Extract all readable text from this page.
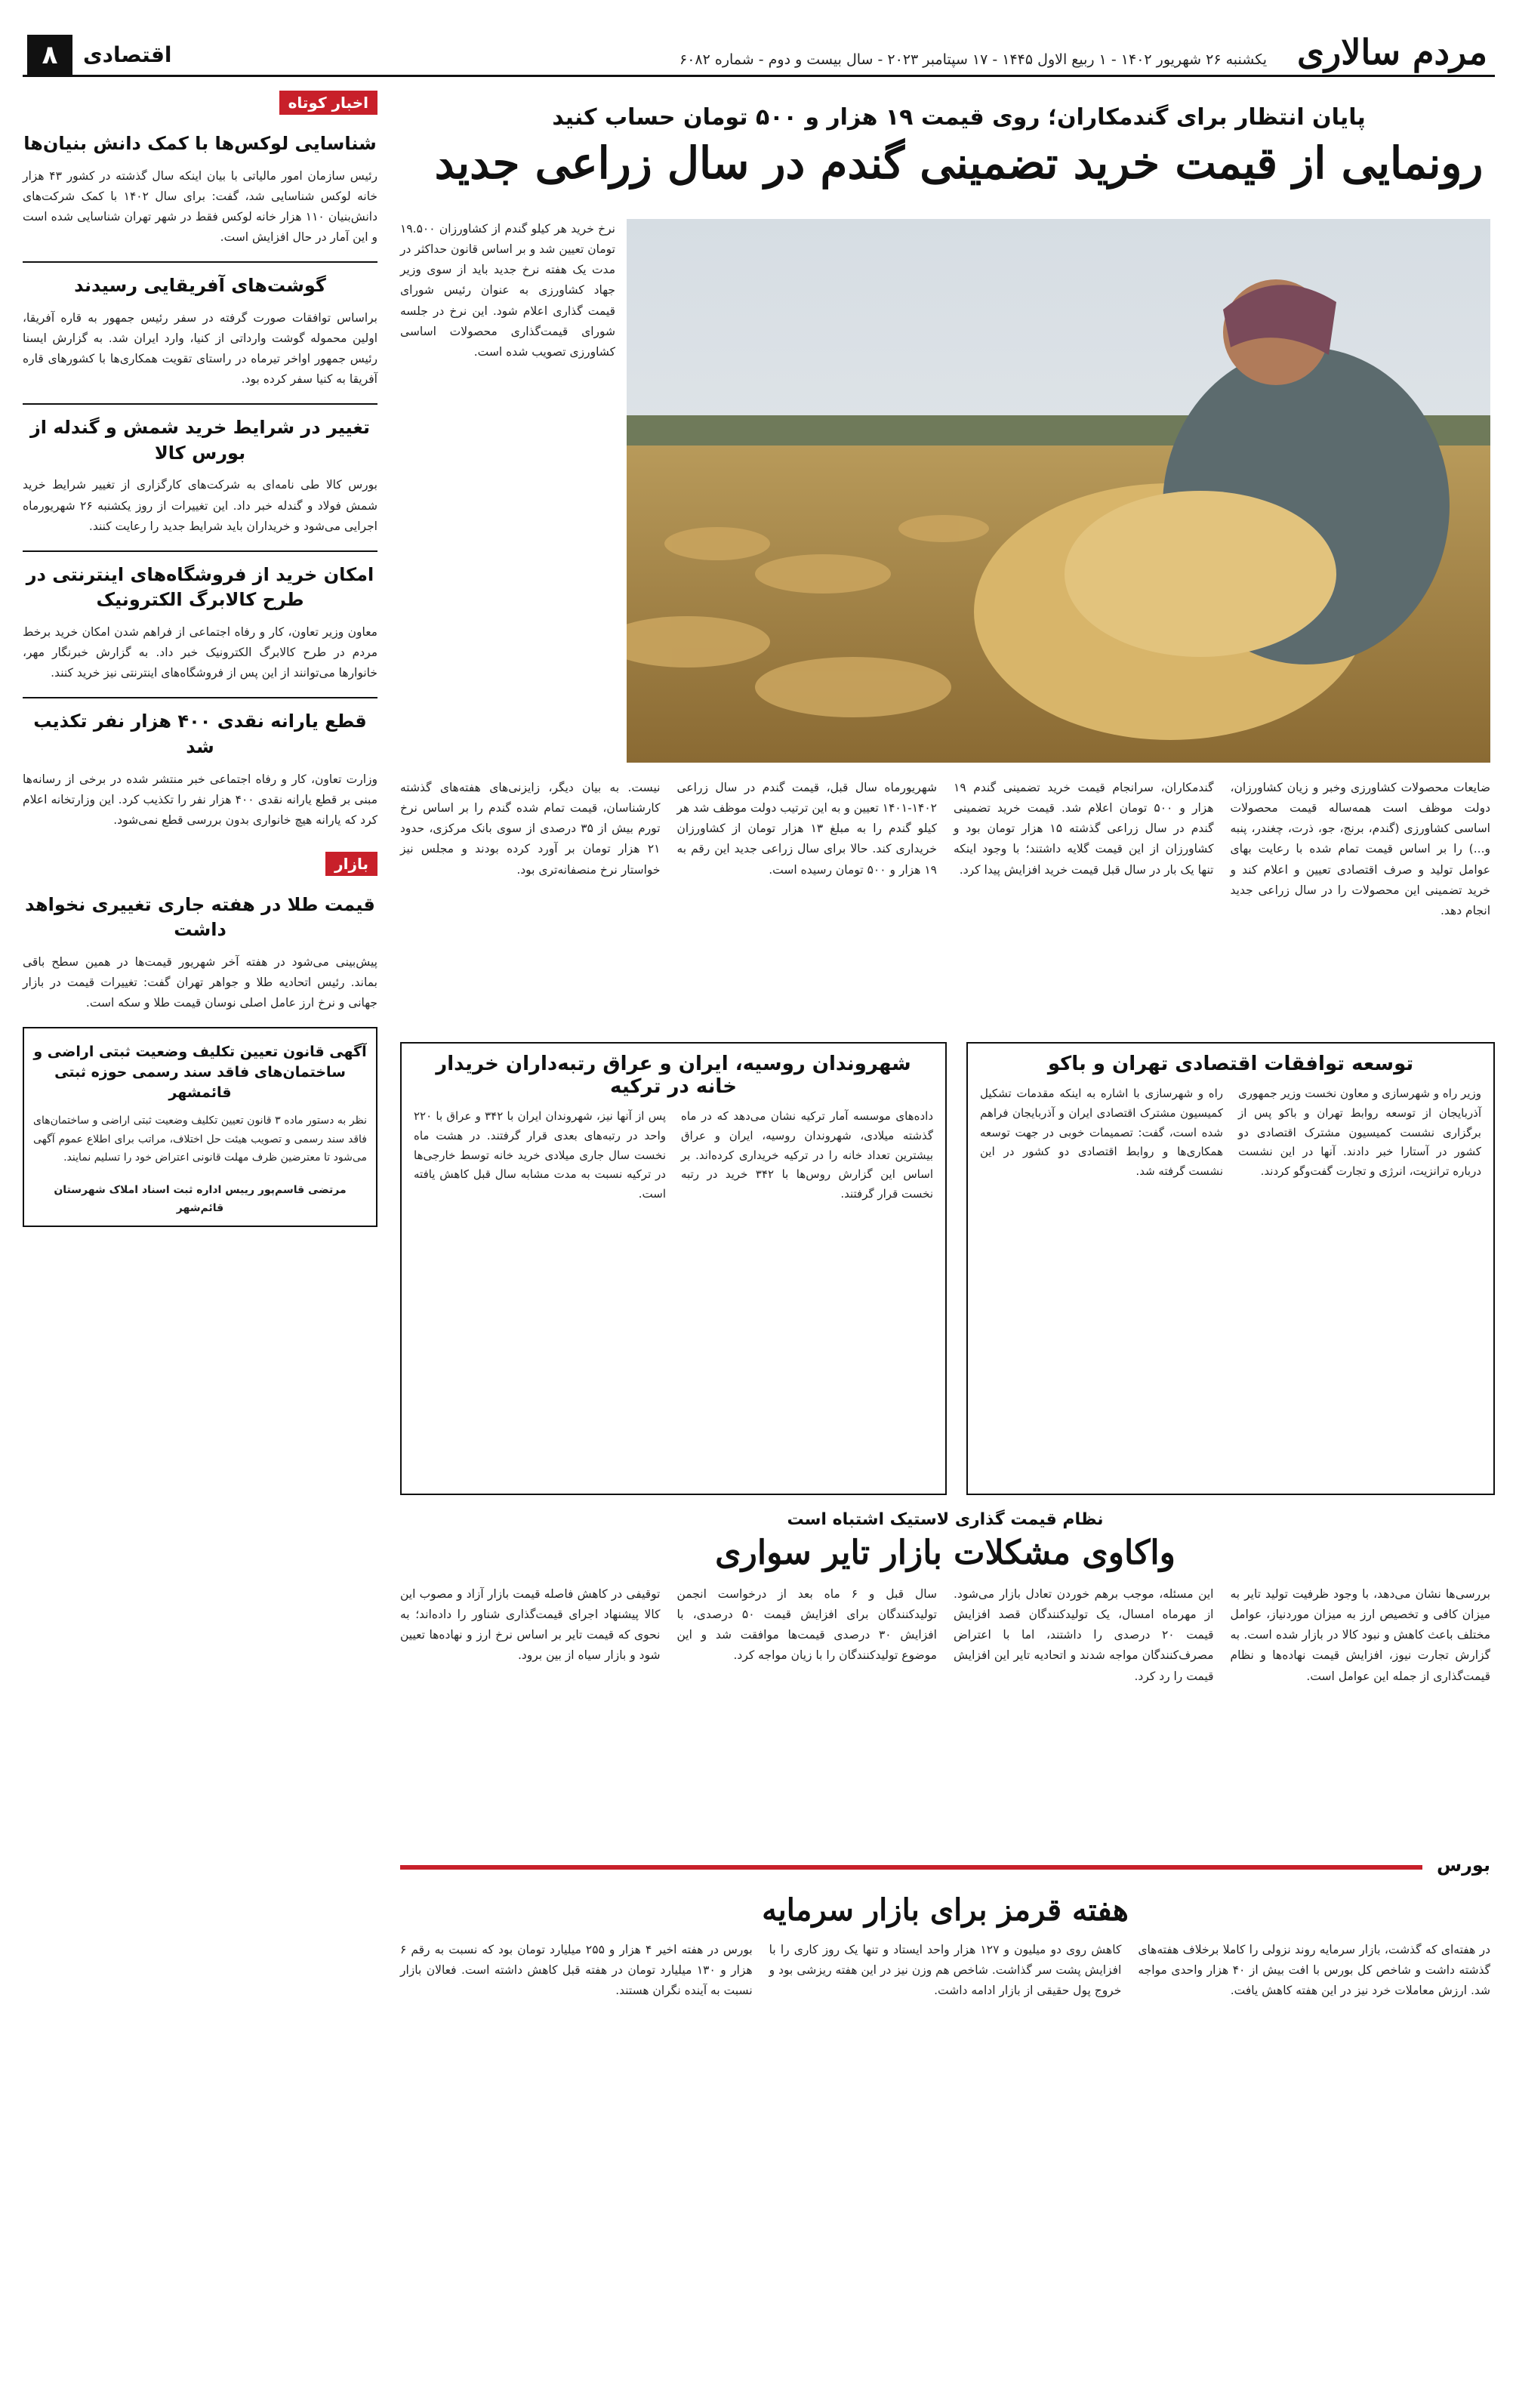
مردم سالاری
یکشنبه ۲۶ شهریور ۱۴۰۲ - ۱ ربیع الاول ۱۴۴۵ - ۱۷ سپتامبر ۲۰۲۳ - سال بیست و دوم - شماره ۶۰۸۲
اقتصادی
۸
پایان انتظار برای گندمکاران؛ روی قیمت ۱۹ هزار و ۵۰۰ تومان حساب کنید
رونمایی از قیمت خرید تضمینی گندم در سال زراعی جدید

نرخ خرید هر کیلو گندم از کشاورزان ۱۹.۵۰۰ تومان تعیین شد و بر اساس قانون حداکثر در مدت یک هفته نرخ جدید باید از سوی وزیر جهاد کشاورزی به عنوان رئیس شورای قیمت گذاری اعلام شود. این نرخ در جلسه شورای قیمت‌گذاری محصولات اساسی کشاورزی تصویب شده است.

ضایعات محصولات کشاورزی وخبر و زیان کشاورزان، دولت موظف است همه‌ساله قیمت محصولات اساسی کشاورزی (گندم، برنج، جو، ذرت، چغندر، پنبه و...) را بر اساس قیمت تمام شده با رعایت بهای عوامل تولید و صرف اقتصادی تعیین و اعلام کند و خرید تضمینی این محصولات را در سال زراعی جدید انجام دهد.

گندمکاران، سرانجام قیمت خرید تضمینی گندم ۱۹ هزار و ۵۰۰ تومان اعلام شد. قیمت خرید تضمینی گندم در سال زراعی گذشته ۱۵ هزار تومان بود و کشاورزان از این قیمت گلایه داشتند؛ با وجود اینکه تنها یک بار در سال قبل قیمت خرید افزایش پیدا کرد.

شهریورماه سال قبل، قیمت گندم در سال زراعی ۱۴۰۲-۱۴۰۱ تعیین و به این ترتیب دولت موظف شد هر کیلو گندم را به مبلغ ۱۳ هزار تومان از کشاورزان خریداری کند. حالا برای سال زراعی جدید این رقم به ۱۹ هزار و ۵۰۰ تومان رسیده است.

نیست. به بیان دیگر، زایزنی‌های هفته‌های گذشته کارشناسان، قیمت تمام شده گندم را بر اساس نرخ تورم بیش از ۳۵ درصدی از سوی بانک مرکزی، حدود ۲۱ هزار تومان بر آورد کرده بودند و مجلس نیز خواستار نرخ منصفانه‌تری بود.

توسعه توافقات اقتصادی تهران و باکو

وزیر راه و شهرسازی و معاون نخست وزیر جمهوری آذربایجان از توسعه روابط تهران و باکو پس از برگزاری نشست کمیسیون مشترک اقتصادی دو کشور در آستارا خبر دادند. آنها در این نشست درباره ترانزیت، انرژی و تجارت گفت‌وگو کردند.

راه و شهرسازی با اشاره به اینکه مقدمات تشکیل کمیسیون مشترک اقتصادی ایران و آذربایجان فراهم شده است، گفت: تصمیمات خوبی در جهت توسعه همکاری‌ها و روابط اقتصادی دو کشور در این نشست گرفته شد.

شهروندان روسیه، ایران و عراق رتبه‌داران خریدار خانه در ترکیه

داده‌های موسسه آمار ترکیه نشان می‌دهد که در ماه گذشته میلادی، شهروندان روسیه، ایران و عراق بیشترین تعداد خانه را در ترکیه خریداری کرده‌اند. بر اساس این گزارش روس‌ها با ۳۴۲ خرید در رتبه نخست قرار گرفتند.

پس از آنها نیز، شهروندان ایران با ۳۴۲ و عراق با ۲۲۰ واحد در رتبه‌های بعدی قرار گرفتند. در هشت ماه نخست سال جاری میلادی خرید خانه توسط خارجی‌ها در ترکیه نسبت به مدت مشابه سال قبل کاهش یافته است.

نظام قیمت گذاری لاستیک اشتباه است
واکاوی مشکلات بازار تایر سواری

بررسی‌ها نشان می‌دهد، با وجود ظرفیت تولید تایر به میزان کافی و تخصیص ارز به میزان موردنیاز، عوامل مختلف باعث کاهش و نبود کالا در بازار شده است. به گزارش تجارت نیوز، افزایش قیمت نهاده‌ها و نظام قیمت‌گذاری از جمله این عوامل است.

این مسئله، موجب برهم خوردن تعادل بازار می‌شود. از مهرماه امسال، یک تولیدکنندگان قصد افزایش قیمت ۲۰ درصدی را داشتند، اما با اعتراض مصرف‌کنندگان مواجه شدند و اتحادیه تایر این افزایش قیمت را رد کرد.

سال قبل و ۶ ماه بعد از درخواست انجمن تولیدکنندگان برای افزایش قیمت ۵۰ درصدی، با افزایش ۳۰ درصدی قیمت‌ها موافقت شد و این موضوع تولیدکنندگان را با زیان مواجه کرد.

توقیفی در کاهش فاصله قیمت بازار آزاد و مصوب این کالا پیشنهاد اجرای قیمت‌گذاری شناور را داده‌اند؛ به نحوی که قیمت تایر بر اساس نرخ ارز و نهاده‌ها تعیین شود و بازار سیاه از بین برود.

بورس
هفته قرمز برای بازار سرمایه

در هفته‌ای که گذشت، بازار سرمایه روند نزولی را کاملا برخلاف هفته‌های گذشته داشت و شاخص کل بورس با افت بیش از ۴۰ هزار واحدی مواجه شد. ارزش معاملات خرد نیز در این هفته کاهش یافت.

کاهش روی دو میلیون و ۱۲۷ هزار واحد ایستاد و تنها یک روز کاری را با افزایش پشت سر گذاشت. شاخص هم وزن نیز در این هفته ریزشی بود و خروج پول حقیقی از بازار ادامه داشت.

بورس در هفته اخیر ۴ هزار و ۲۵۵ میلیارد تومان بود که نسبت به رقم ۶ هزار و ۱۳۰ میلیارد تومان در هفته قبل کاهش داشته است. فعالان بازار نسبت به آینده نگران هستند.

اخبار کوتاه
شناسایی لوکس‌ها با کمک دانش بنیان‌ها

رئیس سازمان امور مالیاتی با بیان اینکه سال گذشته در کشور ۴۳ هزار خانه لوکس شناسایی شد، گفت: برای سال ۱۴۰۲ با کمک شرکت‌های دانش‌بنیان ۱۱۰ هزار خانه لوکس فقط در شهر تهران شناسایی شده است و این آمار در حال افزایش است.

گوشت‌های آفریقایی رسیدند

براساس توافقات صورت گرفته در سفر رئیس جمهور به قاره آفریقا، اولین محموله گوشت وارداتی از کنیا، وارد ایران شد. به گزارش ایسنا رئیس جمهور اواخر تیرماه در راستای تقویت همکاری‌ها با کشورهای قاره آفریقا به کنیا سفر کرده بود.

تغییر در شرایط خرید شمش و گندله از بورس کالا

بورس کالا طی نامه‌ای به شرکت‌های کارگزاری از تغییر شرایط خرید شمش فولاد و گندله خبر داد. این تغییرات از روز یکشنبه ۲۶ شهریورماه اجرایی می‌شود و خریداران باید شرایط جدید را رعایت کنند.

امکان خرید از فروشگاه‌های اینترنتی در طرح کالابرگ الکترونیک

معاون وزیر تعاون، کار و رفاه اجتماعی از فراهم شدن امکان خرید برخط مردم در طرح کالابرگ الکترونیک خبر داد. به گزارش خبرنگار مهر، خانوارها می‌توانند از این پس از فروشگاه‌های اینترنتی نیز خرید کنند.

قطع یارانه نقدی ۴۰۰ هزار نفر تکذیب شد

وزارت تعاون، کار و رفاه اجتماعی خبر منتشر شده در برخی از رسانه‌ها مبنی بر قطع یارانه نقدی ۴۰۰ هزار نفر را تکذیب کرد. این وزارتخانه اعلام کرد که یارانه هیچ خانواری بدون بررسی قطع نمی‌شود.

بازار
قیمت طلا در هفته جاری تغییری نخواهد داشت

پیش‌بینی می‌شود در هفته آخر شهریور قیمت‌ها در همین سطح باقی بماند. رئیس اتحادیه طلا و جواهر تهران گفت: تغییرات قیمت در بازار جهانی و نرخ ارز عامل اصلی نوسان قیمت طلا و سکه است.

آگهی قانون تعیین تکلیف وضعیت ثبتی اراضی و ساختمان‌های فاقد سند رسمی حوزه ثبتی قائمشهر

نظر به دستور ماده ۳ قانون تعیین تکلیف وضعیت ثبتی اراضی و ساختمان‌های فاقد سند رسمی و تصویب هیئت حل اختلاف، مراتب برای اطلاع عموم آگهی می‌شود تا معترضین ظرف مهلت قانونی اعتراض خود را تسلیم نمایند.

مرتضی قاسم‌پور رییس اداره ثبت اسناد املاک شهرستان قائم‌شهر
